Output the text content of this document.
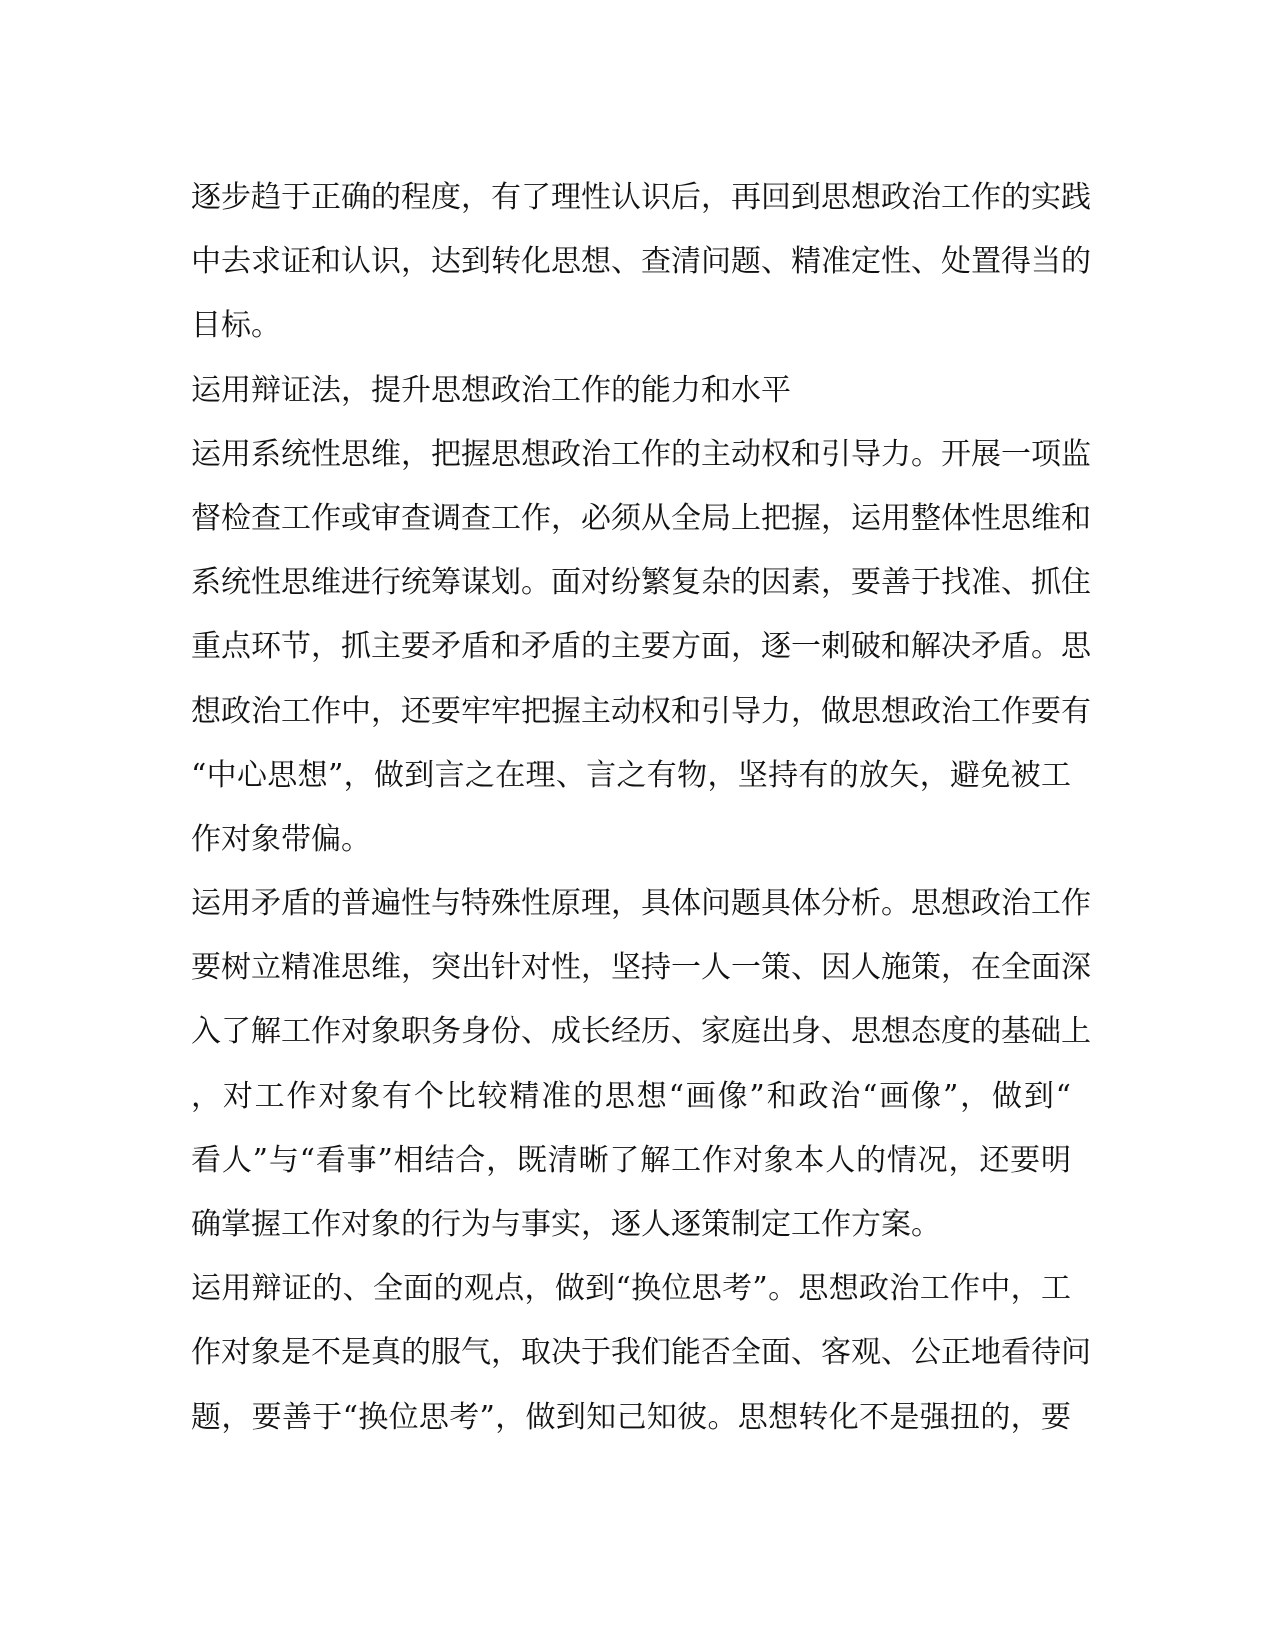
逐步趋于正确的程度，有了理性认识后，再回到思想政治工作的实践
中去求证和认识，达到转化思想、查清问题、精准定性、处置得当的
目标。
运用辩证法，提升思想政治工作的能力和水平
运用系统性思维，把握思想政治工作的主动权和引导力。开展一项监
督检查工作或审查调查工作，必须从全局上把握，运用整体性思维和
系统性思维进行统筹谋划。面对纷繁复杂的因素，要善于找准、抓住
重点环节，抓主要矛盾和矛盾的主要方面，逐一刺破和解决矛盾。思
想政治工作中，还要牢牢把握主动权和引导力，做思想政治工作要有
“中心思想”，做到言之在理、言之有物，坚持有的放矢，避免被工
作对象带偏。
运用矛盾的普遍性与特殊性原理，具体问题具体分析。思想政治工作
要树立精准思维，突出针对性，坚持一人一策、因人施策，在全面深
入了解工作对象职务身份、成长经历、家庭出身、思想态度的基础上
，对工作对象有个比较精准的思想“画像”和政治“画像”，做到“
看人”与“看事”相结合，既清晰了解工作对象本人的情况，还要明
确掌握工作对象的行为与事实，逐人逐策制定工作方案。
运用辩证的、全面的观点，做到“换位思考”。思想政治工作中，工
作对象是不是真的服气，取决于我们能否全面、客观、公正地看待问
题，要善于“换位思考”，做到知己知彼。思想转化不是强扭的，要
